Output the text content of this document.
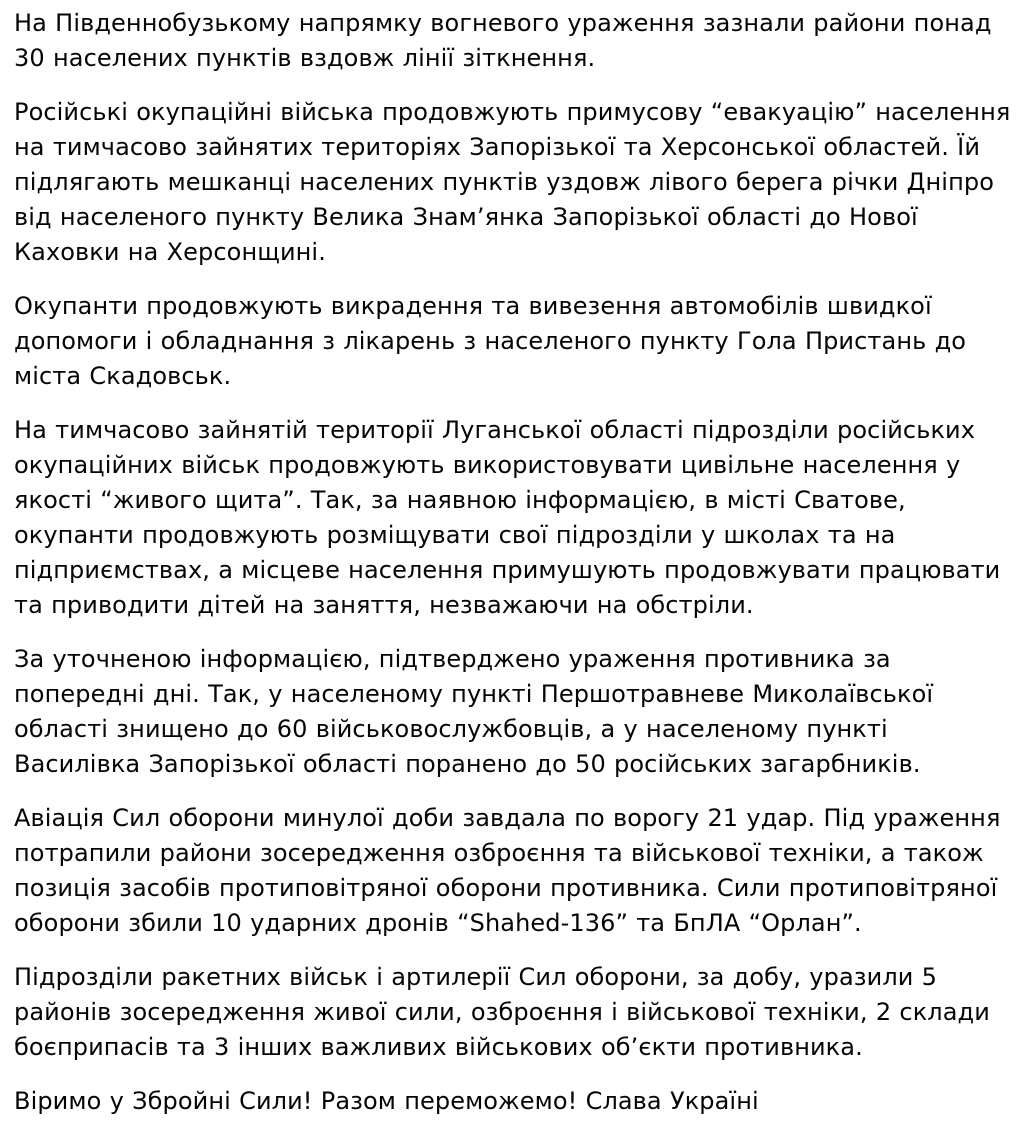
На Південнобузькому напрямку вогневого ураження зазнали райони понад 30 населених пунктів вздовж лінії зіткнення.

Російські окупаційні війська продовжують примусову “евакуацію” населення на тимчасово зайнятих територіях Запорізької та Херсонської областей. Їй підлягають мешканці населених пунктів уздовж лівого берега річки Дніпро від населеного пункту Велика Знам’янка Запорізької області до Нової Каховки на Херсонщині.

Окупанти продовжують викрадення та вивезення автомобілів швидкої допомоги і обладнання з лікарень з населеного пункту Гола Пристань до міста Скадовськ.

На тимчасово зайнятій території Луганської області підрозділи російських окупаційних військ продовжують використовувати цивільне населення у якості “живого щита”. Так, за наявною інформацією, в місті Сватове, окупанти продовжують розміщувати свої підрозділи у школах та на підприємствах, а місцеве населення примушують продовжувати працювати та приводити дітей на заняття, незважаючи на обстріли.

За уточненою інформацією, підтверджено ураження противника за попередні дні. Так, у населеному пункті Першотравневе Миколаївської області знищено до 60 військовослужбовців, а у населеному пункті Василівка Запорізької області поранено до 50 російських загарбників.

Авіація Сил оборони минулої доби завдала по ворогу 21 удар. Під ураження потрапили райони зосередження озброєння та військової техніки, а також позиція засобів протиповітряної оборони противника. Сили протиповітряної оборони збили 10 ударних дронів “Shahed-136” та БпЛА “Орлан”.

Підрозділи ракетних військ і артилерії Сил оборони, за добу, уразили 5 районів зосередження живої сили, озброєння і військової техніки, 2 склади боєприпасів та 3 інших важливих військових об’єкти противника.

Віримо у Збройні Сили! Разом переможемо! Слава Україні
